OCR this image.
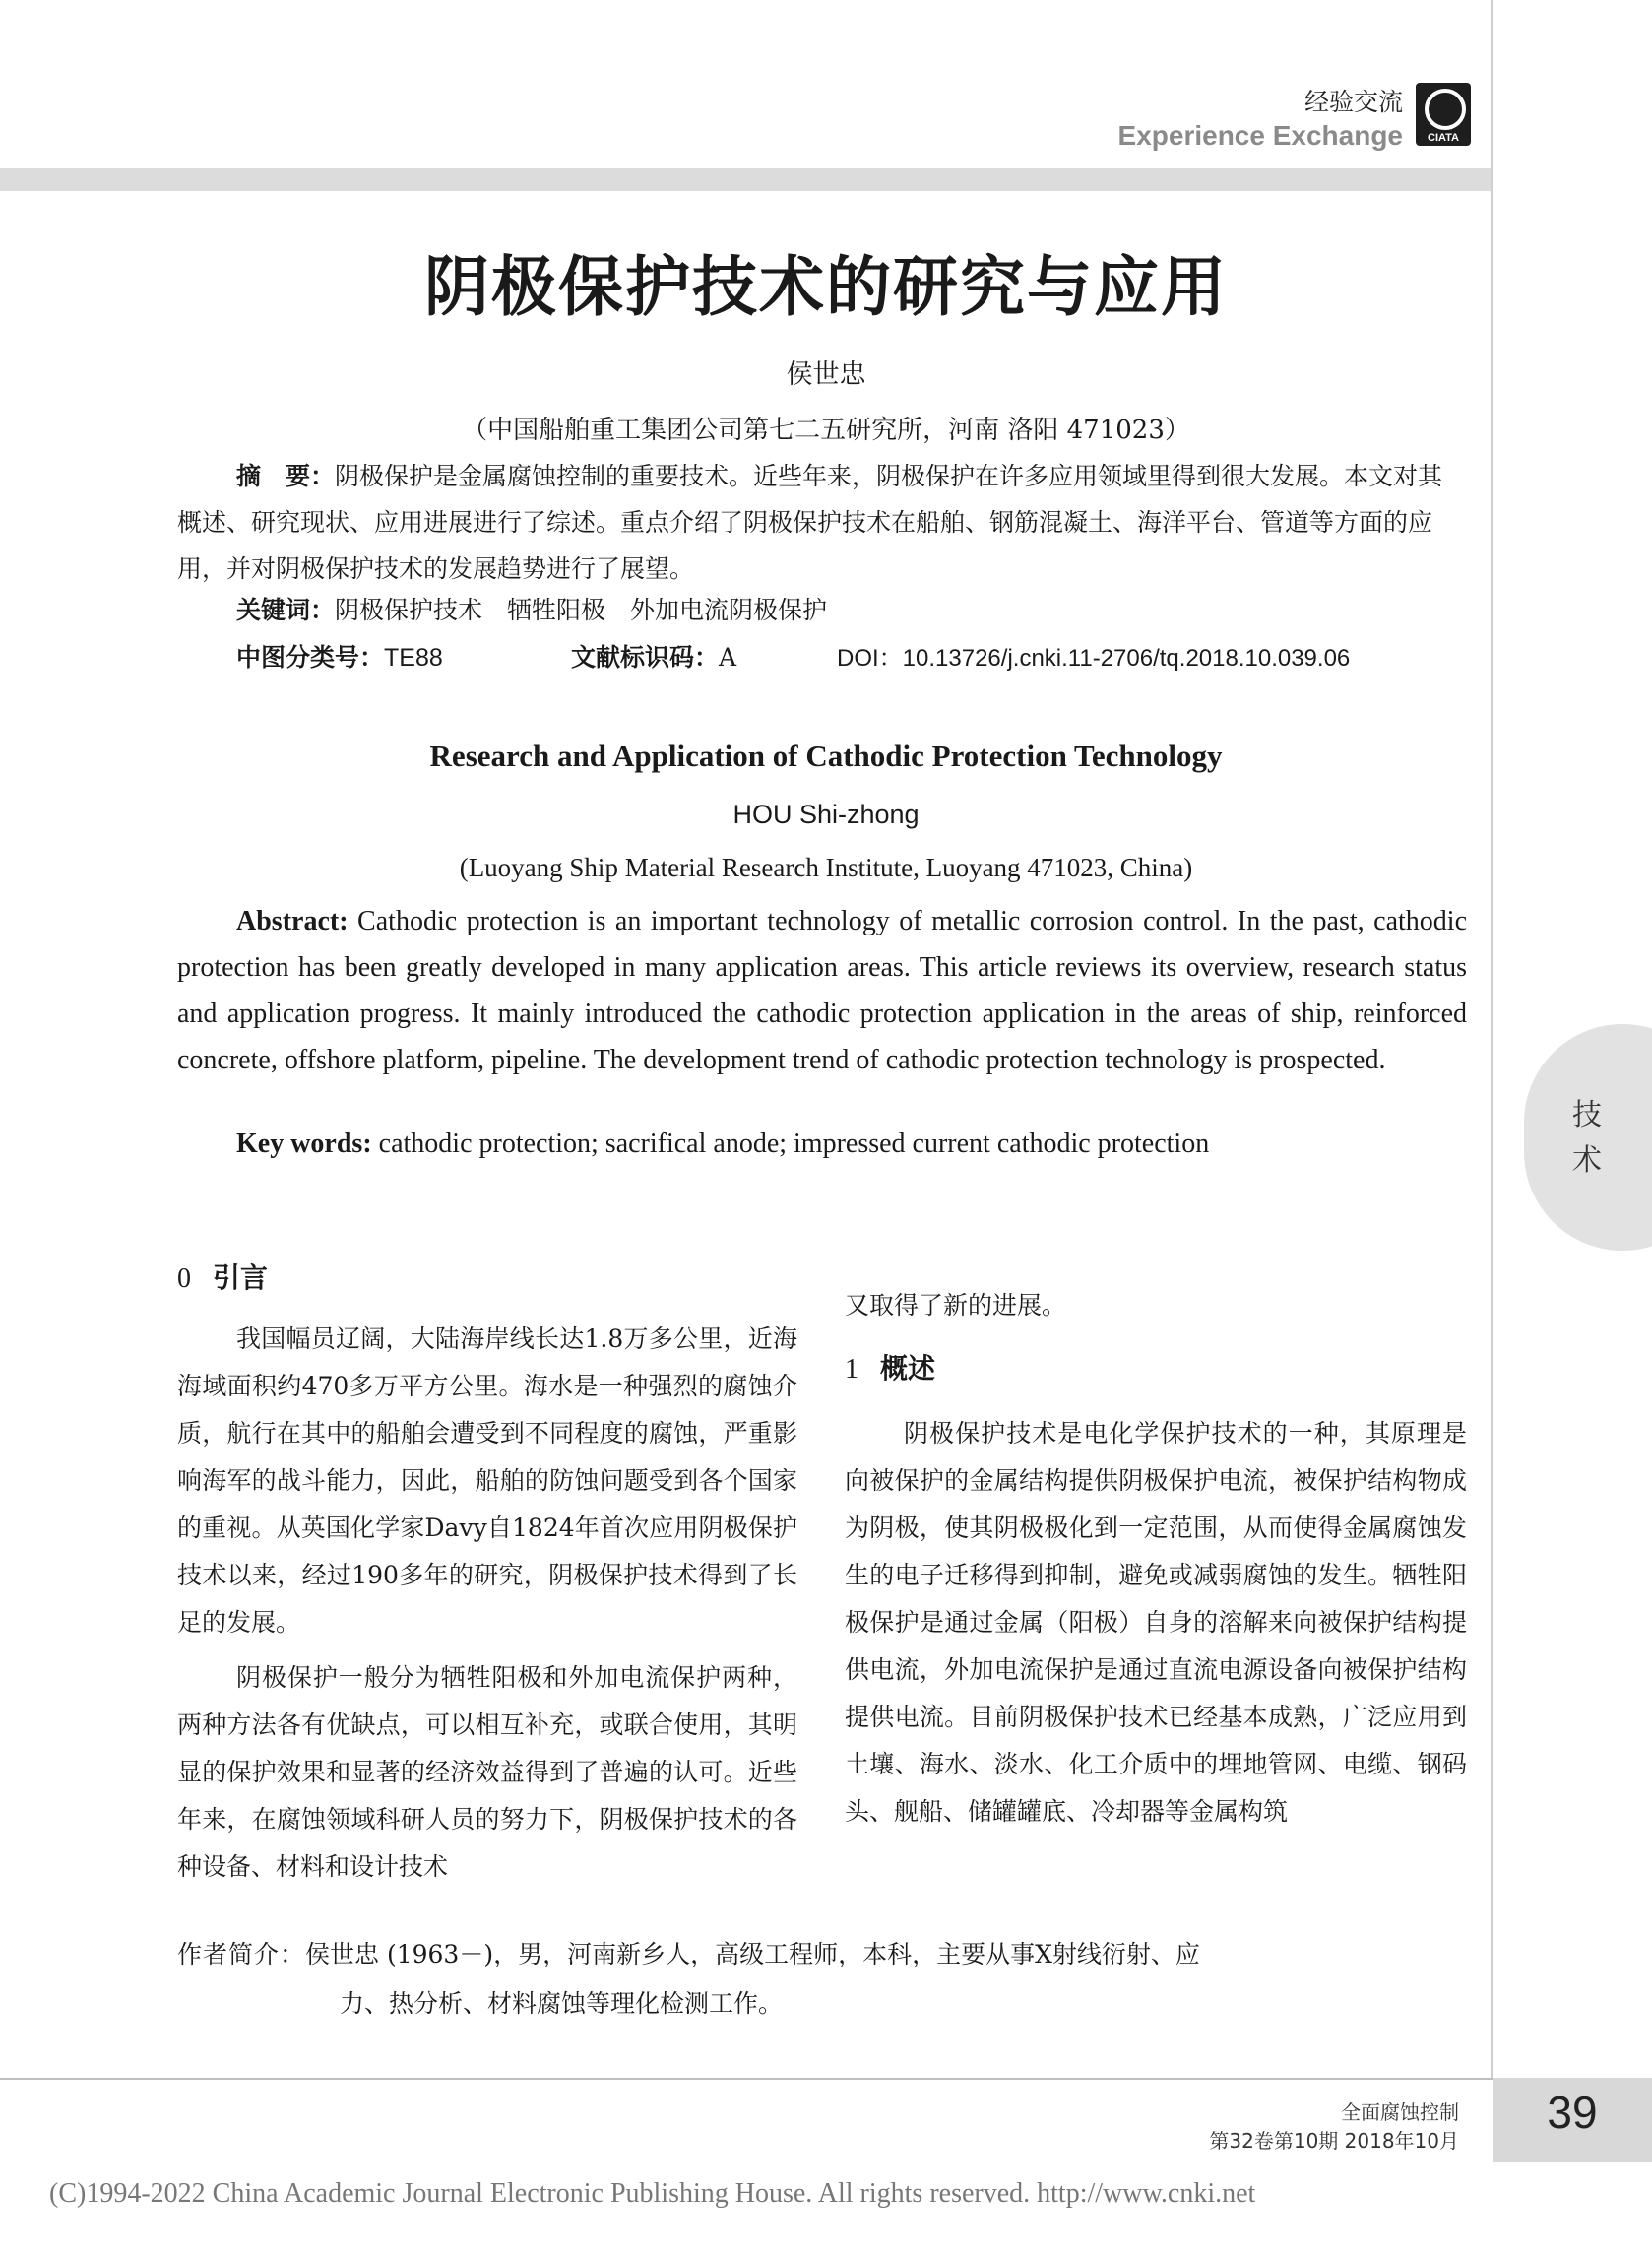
经验交流
Experience Exchange	CIATA
阴极保护技术的研究与应用
侯世忠
（中国船舶重工集团公司第七二五研究所，河南 洛阳 471023）
摘　要：阴极保护是金属腐蚀控制的重要技术。近些年来，阴极保护在许多应用领域里得到很大发展。本文对其概述、研究现状、应用进展进行了综述。重点介绍了阴极保护技术在船舶、钢筋混凝土、海洋平台、管道等方面的应用，并对阴极保护技术的发展趋势进行了展望。
关键词：阴极保护技术　牺牲阳极　外加电流阴极保护
中图分类号：TE88	文献标识码：A	DOI：10.13726/j.cnki.11-2706/tq.2018.10.039.06
Research and Application of Cathodic Protection Technology
HOU Shi-zhong
(Luoyang Ship Material Research Institute, Luoyang 471023, China)
Abstract: Cathodic protection is an important technology of metallic corrosion control. In the past, cathodic protection has been greatly developed in many application areas. This article reviews its overview, research status and application progress. It mainly introduced the cathodic protection application in the areas of ship, reinforced concrete, offshore platform, pipeline. The development trend of cathodic protection technology is prospected.
Key words: cathodic protection; sacrifical anode; impressed current cathodic protection
技术
0 引言

我国幅员辽阔，大陆海岸线长达1.8万多公里，近海海域面积约470多万平方公里。海水是一种强烈的腐蚀介质，航行在其中的船舶会遭受到不同程度的腐蚀，严重影响海军的战斗能力，因此，船舶的防蚀问题受到各个国家的重视。从英国化学家Davy自1824年首次应用阴极保护技术以来，经过190多年的研究，阴极保护技术得到了长足的发展。

阴极保护一般分为牺牲阳极和外加电流保护两种，两种方法各有优缺点，可以相互补充，或联合使用，其明显的保护效果和显著的经济效益得到了普遍的认可。近些年来，在腐蚀领域科研人员的努力下，阴极保护技术的各种设备、材料和设计技术

又取得了新的进展。
1 概述

阴极保护技术是电化学保护技术的一种，其原理是向被保护的金属结构提供阴极保护电流，被保护结构物成为阴极，使其阴极极化到一定范围，从而使得金属腐蚀发生的电子迁移得到抑制，避免或减弱腐蚀的发生。牺牲阳极保护是通过金属（阳极）自身的溶解来向被保护结构提供电流，外加电流保护是通过直流电源设备向被保护结构提供电流。目前阴极保护技术已经基本成熟，广泛应用到土壤、海水、淡水、化工介质中的埋地管网、电缆、钢码头、舰船、储罐罐底、冷却器等金属构筑

作者简介：侯世忠 (1963－)，男，河南新乡人，高级工程师，本科，主要从事X射线衍射、应
力、热分析、材料腐蚀等理化检测工作。
全面腐蚀控制
第32卷第10期 2018年10月
39
(C)1994-2022 China Academic Journal Electronic Publishing House. All rights reserved. http://www.cnki.net
